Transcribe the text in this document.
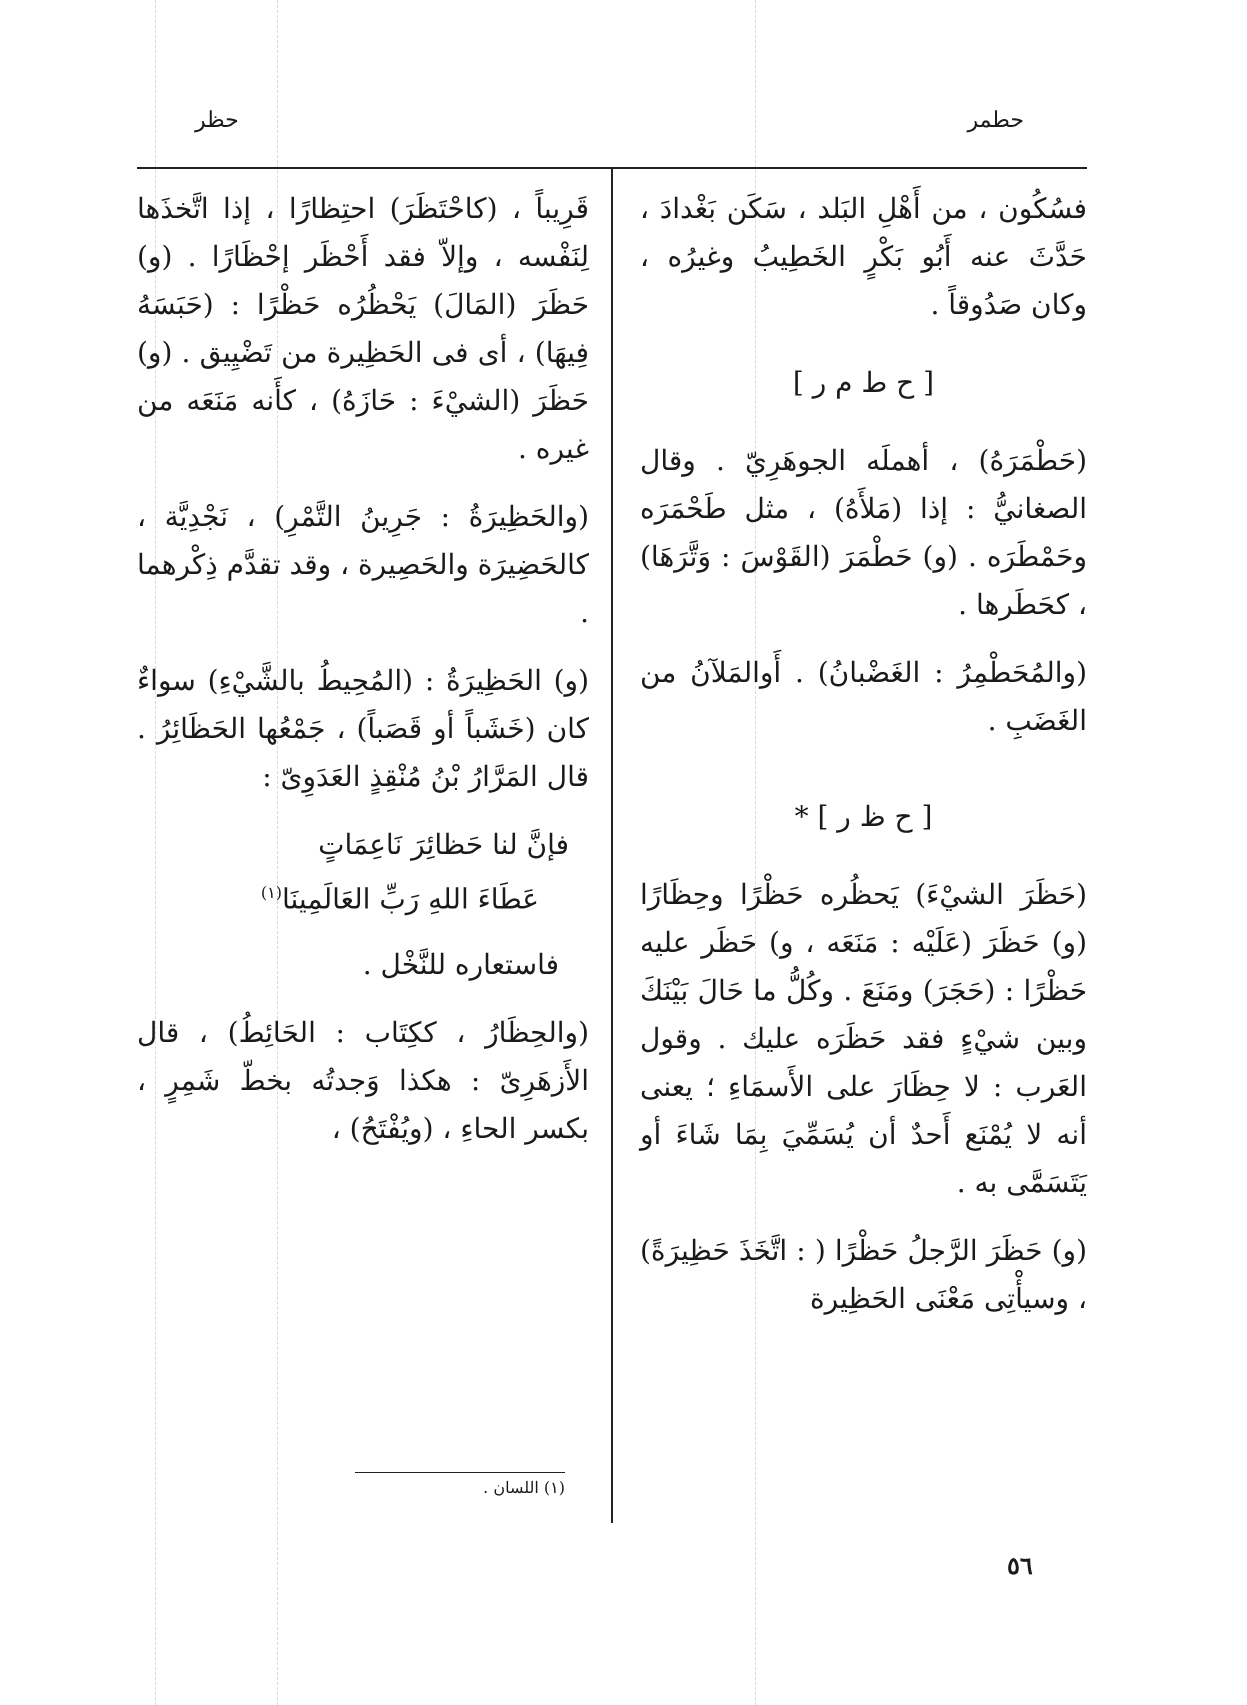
حطمر
حظر

فسُكُون ، من أَهْلِ البَلد ، سَكَن بَغْدادَ ، حَدَّثَ عنه أَبُو بَكْرٍ الخَطِيبُ وغيرُه ، وكان صَدُوقاً .

[ ح ط م ر ]

(حَطْمَرَهُ) ، أهملَه الجوهَرِيّ . وقال الصغانيُّ : إذا (مَلأَهُ) ، مثل طَحْمَرَه وحَمْطَرَه . (و) حَطْمَرَ (القَوْسَ : وَتَّرَهَا) ، كحَطَرها .

(والمُحَطْمِرُ : الغَضْبانُ) . أَوالمَلآنُ من الغَضَبِ .

[ ح ظ ر ] *

(حَظَرَ الشيْءَ) يَحظُره حَظْرًا وحِظَارًا (و) حَظَرَ (عَلَيْه : مَنَعَه ، و) حَظَر عليه حَظْرًا : (حَجَرَ) ومَنَعَ . وكُلُّ ما حَالَ بَيْنَكَ وبين شيْءٍ فقد حَظَرَه عليك . وقول العَرب : لا حِظَارَ على الأَسمَاءِ ؛ يعنى أنه لا يُمْنَع أَحدٌ أن يُسَمِّيَ بِمَا شَاءَ أو يَتَسَمَّى به .

(و) حَظَرَ الرَّجلُ حَظْرًا ( : اتَّخَذَ حَظِيرَةً) ، وسيأْتِى مَعْنَى الحَظِيرة

قَرِيباً ، (كاحْتَظَرَ) احتِظارًا ، إذا اتَّخذَها لِنَفْسه ، وإلاّ فقد أَحْظَر إحْظَارًا . (و) حَظَرَ (المَالَ) يَحْظُرُه حَظْرًا : (حَبَسَهُ فِيهَا) ، أى فى الحَظِيرة من تَضْيِيق . (و) حَظَرَ (الشيْءَ : حَازَهُ) ، كأَنه مَنَعَه من غيره .

(والحَظِيرَةُ : جَرِينُ التَّمْرِ) ، نَجْدِيَّة ، كالحَضِيرَة والحَصِيرة ، وقد تقدَّم ذِكْرهما .

(و) الحَظِيرَةُ : (المُحِيطُ بالشَّيْءِ) سواءٌ كان (خَشَباً أو قَصَباً) ، جَمْعُها الحَظَائِرُ . قال المَرَّارُ بْنُ مُنْقِذٍ العَدَوِىّ :

فإنَّ لنا حَظائِرَ نَاعِمَاتٍ
عَطَاءَ اللهِ رَبِّ العَالَمِينَا$^{(١)}$

فاستعاره للنَّخْل .

(والحِظَارُ ، ككِتَاب : الحَائِطُ) ، قال الأَزهَرِىّ : هكذا وَجدتُه بخطّ شَمِرٍ ، بكسر الحاءِ ، (ويُفْتَحُ) ،

(١) اللسان .
٥٦
